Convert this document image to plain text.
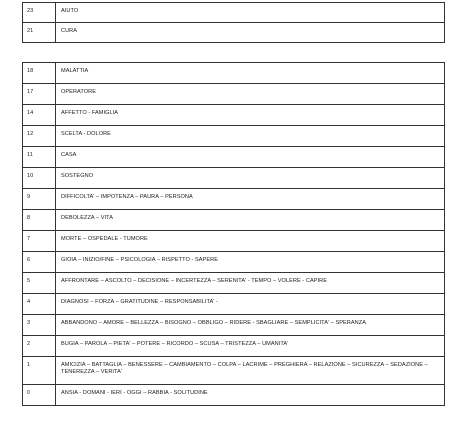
23	AIUTO
21	CURA
18	MALATTIA
17	OPERATORE
14	AFFETTO - FAMIGLIA
12	SCELTA - DOLORE
11	CASA
10	SOSTEGNO
9	DIFFICOLTA' – IMPOTENZA – PAURA – PERSONA
8	DEBOLEZZA – VITA
7	MORTE – OSPEDALE - TUMORE
6	GIOIA – INIZIO/FINE – PSICOLOGIA – RISPETTO - SAPERE
5	AFFRONTARE – ASCOLTO – DECISIONE – INCERTEZZA – SERENITA' - TEMPO – VOLERE - CAPIRE
4	DIAGNOSI – FORZA – GRATITUDINE – RESPONSABILITA' -
3	ABBANDONO – AMORE – BELLEZZA – BISOGNO – OBBLIGO – RIDERE - SBAGLIARE – SEMPLICITA' – SPERANZA
2	BUGIA – PAROLA – PIETA' – POTERE – RICORDO – SCUSA – TRISTEZZA – UMANITA'
1	AMICIZIA – BATTAGLIA – BENESSERE – CAMBIAMENTO – COLPA – LACRIME – PREGHIERA – RELAZIONE – SICUREZZA – SEDAZIONE – TENEREZZA – VERITA'
0	ANSIA - DOMANI - IERI - OGGI – RABBIA - SOLITUDINE
